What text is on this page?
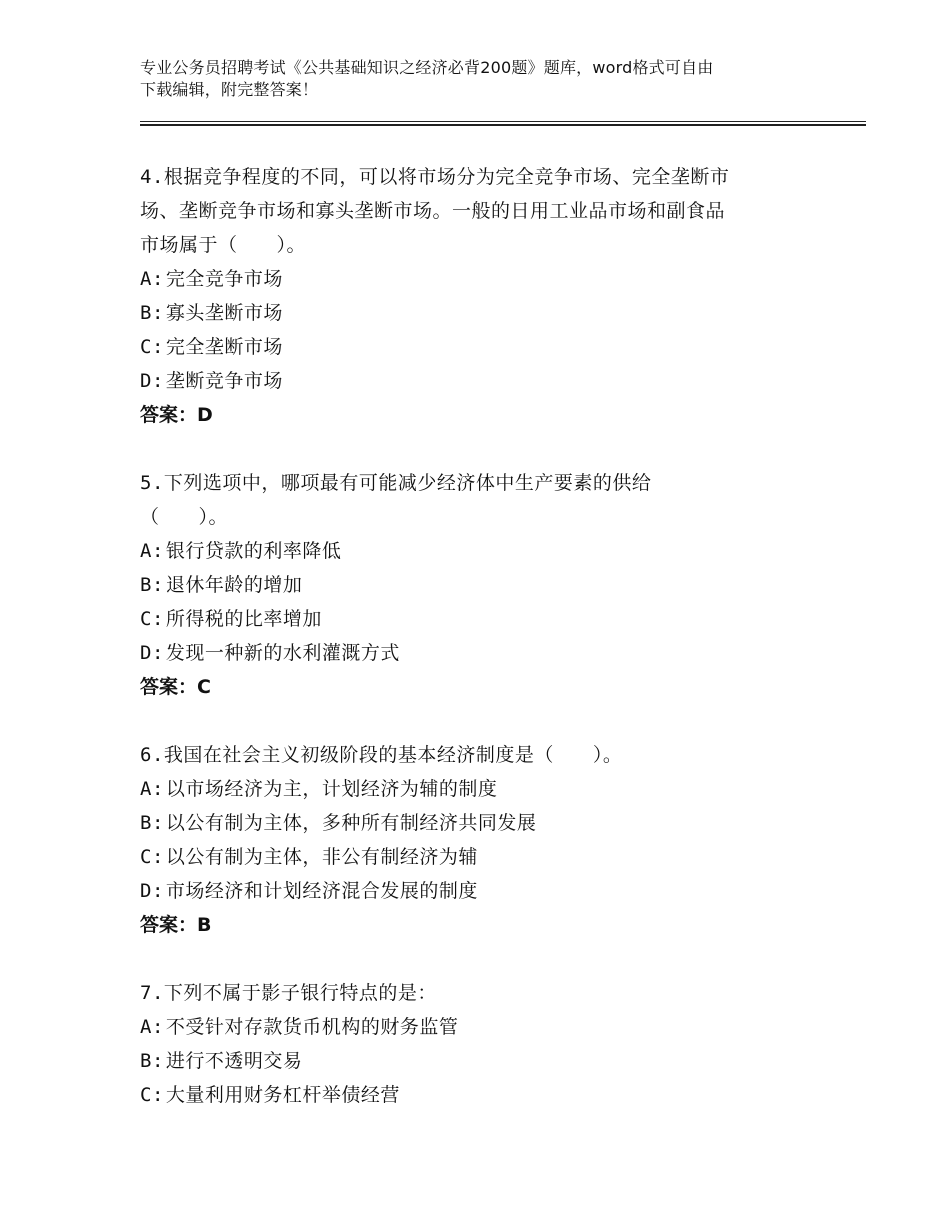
专业公务员招聘考试《公共基础知识之经济必背200题》题库，word格式可自由
下载编辑，附完整答案！
4.根据竞争程度的不同，可以将市场分为完全竞争市场、完全垄断市
场、垄断竞争市场和寡头垄断市场。一般的日用工业品市场和副食品
市场属于（　　）。
A: 完全竞争市场
B: 寡头垄断市场
C: 完全垄断市场
D: 垄断竞争市场
答案：D
5.下列选项中，哪项最有可能减少经济体中生产要素的供给
（　　）。
A: 银行贷款的利率降低
B: 退休年龄的增加
C: 所得税的比率增加
D: 发现一种新的水利灌溉方式
答案：C
6.我国在社会主义初级阶段的基本经济制度是（　　）。
A: 以市场经济为主，计划经济为辅的制度
B: 以公有制为主体，多种所有制经济共同发展
C: 以公有制为主体，非公有制经济为辅
D: 市场经济和计划经济混合发展的制度
答案：B
7.下列不属于影子银行特点的是：
A: 不受针对存款货币机构的财务监管
B: 进行不透明交易
C: 大量利用财务杠杆举债经营
